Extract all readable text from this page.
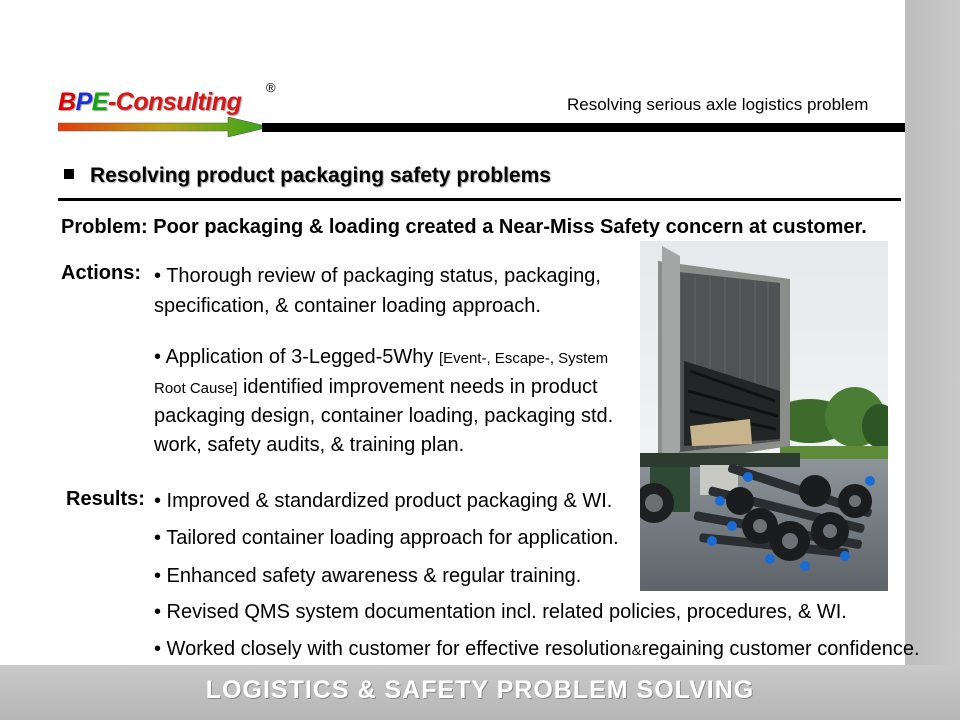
BPE-Consulting
®
Resolving serious axle logistics problem
Resolving product packaging safety problems
Problem: Poor packaging & loading created a Near-Miss Safety concern at customer.
Actions: • Thorough review of packaging status, packaging,
specification, & container loading approach.
• Application of 3-Legged-5Why [Event-, Escape-, System
Root Cause] identified improvement needs in product
packaging design, container loading, packaging std.
work, safety audits, & training plan.
Results: • Improved & standardized product packaging & WI.
• Tailored container loading approach for application.
• Enhanced safety awareness & regular training.
• Revised QMS system documentation incl. related policies, procedures, & WI.
• Worked closely with customer for effective resolution&regaining customer confidence.
LOGISTICS & SAFETY PROBLEM SOLVING
